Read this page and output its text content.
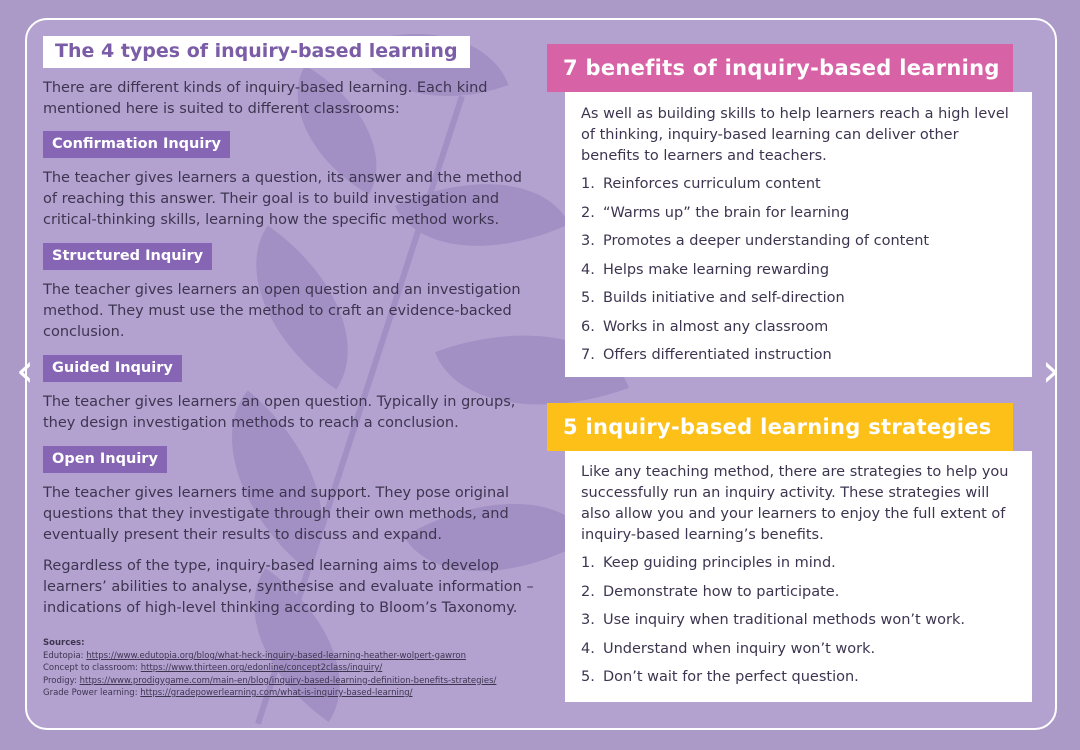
‹	›
The 4 types of inquiry-based learning

There are different kinds of inquiry-based learning. Each kind mentioned here is suited to different classrooms:

Confirmation Inquiry

The teacher gives learners a question, its answer and the method of reaching this answer. Their goal is to build investigation and critical-thinking skills, learning how the specific method works.

Structured Inquiry

The teacher gives learners an open question and an investigation method. They must use the method to craft an evidence-backed conclusion.

Guided Inquiry

The teacher gives learners an open question. Typically in groups, they design investigation methods to reach a conclusion.

Open Inquiry

The teacher gives learners time and support. They pose original questions that they investigate through their own methods, and eventually present their results to discuss and expand.

Regardless of the type, inquiry-based learning aims to develop learners’ abilities to analyse, synthesise and evaluate information – indications of high-level thinking according to Bloom’s Taxonomy.

Sources:
Edutopia: https://www.edutopia.org/blog/what-heck-inquiry-based-learning-heather-wolpert-gawron
Concept to classroom: https://www.thirteen.org/edonline/concept2class/inquiry/
Prodigy: https://www.prodigygame.com/main-en/blog/inquiry-based-learning-definition-benefits-strategies/
Grade Power learning: https://gradepowerlearning.com/what-is-inquiry-based-learning/

As well as building skills to help learners reach a high level of thinking, inquiry-based learning can deliver other benefits to learners and teachers.

1. Reinforces curriculum content
2. “Warms up” the brain for learning
3. Promotes a deeper understanding of content
4. Helps make learning rewarding
5. Builds initiative and self-direction
6. Works in almost any classroom
7. Offers differentiated instruction
7 benefits of inquiry-based learning

Like any teaching method, there are strategies to help you successfully run an inquiry activity. These strategies will also allow you and your learners to enjoy the full extent of inquiry-based learning’s benefits.

1. Keep guiding principles in mind.
2. Demonstrate how to participate.
3. Use inquiry when traditional methods won’t work.
4. Understand when inquiry won’t work.
5. Don’t wait for the perfect question.
5 inquiry-based learning strategies
